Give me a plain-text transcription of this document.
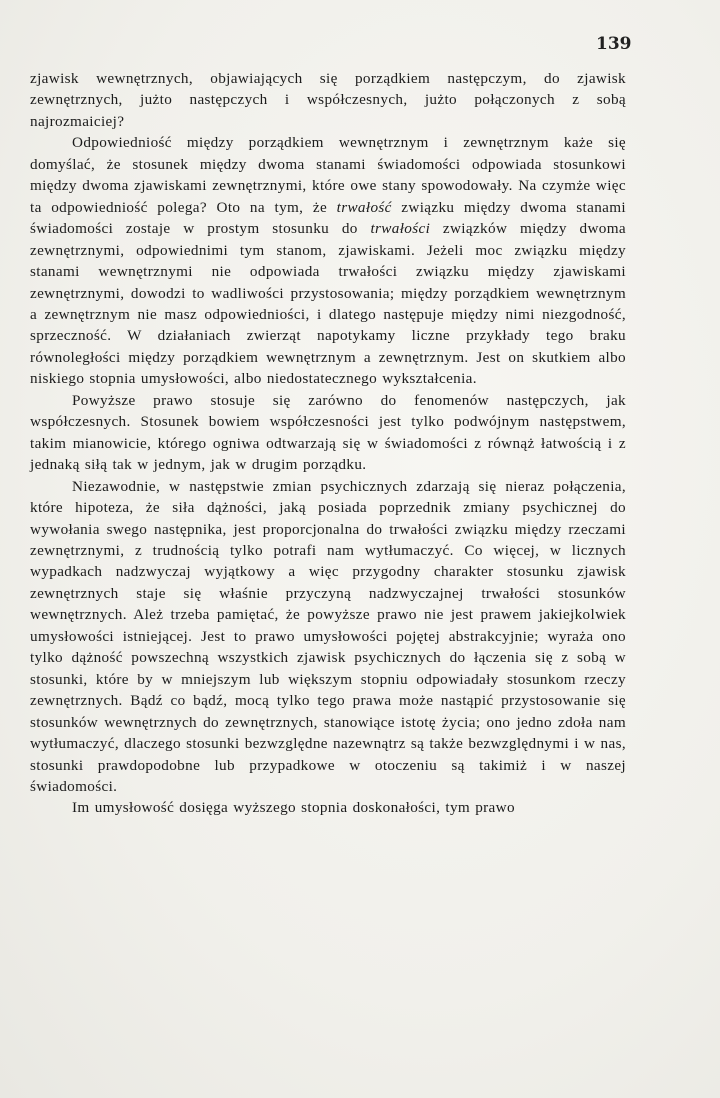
139

zjawisk wewnętrznych, objawiających się porządkiem następczym, do zjawisk zewnętrznych, jużto następczych i współczesnych, jużto połączonych z sobą najrozmaiciej?

Odpowiedniość między porządkiem wewnętrznym i zewnętrznym każe się domyślać, że stosunek między dwoma stanami świadomości odpowiada stosunkowi między dwoma zjawiskami zewnętrznymi, które owe stany spowodowały. Na czymże więc ta odpowiedniość polega? Oto na tym, że trwałość związku między dwoma stanami świadomości zostaje w prostym stosunku do trwałości związków między dwoma zewnętrznymi, odpowiednimi tym stanom, zjawiskami. Jeżeli moc związku między stanami wewnętrznymi nie odpowiada trwałości związku między zjawiskami zewnętrznymi, dowodzi to wadliwości przystosowania; między porządkiem wewnętrznym a zewnętrznym nie masz odpowiedniości, i dlatego następuje między nimi niezgodność, sprzeczność. W działaniach zwierząt napotykamy liczne przykłady tego braku równoległości między porządkiem wewnętrznym a zewnętrznym. Jest on skutkiem albo niskiego stopnia umysłowości, albo niedostatecznego wykształcenia.

Powyższe prawo stosuje się zarówno do fenomenów następczych, jak współczesnych. Stosunek bowiem współczesności jest tylko podwójnym następstwem, takim mianowicie, którego ogniwa odtwarzają się w świadomości z równąż łatwością i z jednaką siłą tak w jednym, jak w drugim porządku.

Niezawodnie, w następstwie zmian psychicznych zdarzają się nieraz połączenia, które hipoteza, że siła dążności, jaką posiada poprzednik zmiany psychicznej do wywołania swego następnika, jest proporcjonalna do trwałości związku między rzeczami zewnętrznymi, z trudnością tylko potrafi nam wytłumaczyć. Co więcej, w licznych wypadkach nadzwyczaj wyjątkowy a więc przygodny charakter stosunku zjawisk zewnętrznych staje się właśnie przyczyną nadzwyczajnej trwałości stosunków wewnętrznych. Ależ trzeba pamiętać, że powyższe prawo nie jest prawem jakiejkolwiek umysłowości istniejącej. Jest to prawo umysłowości pojętej abstrakcyjnie; wyraża ono tylko dążność powszechną wszystkich zjawisk psychicznych do łączenia się z sobą w stosunki, które by w mniejszym lub większym stopniu odpowiadały stosunkom rzeczy zewnętrznych. Bądź co bądź, mocą tylko tego prawa może nastąpić przystosowanie się stosunków wewnętrznych do zewnętrznych, stanowiące istotę życia; ono jedno zdoła nam wytłumaczyć, dlaczego stosunki bezwzględne nazewnątrz są także bezwzględnymi i w nas, stosunki prawdopodobne lub przypadkowe w otoczeniu są takimiż i w naszej świadomości.

Im umysłowość dosięga wyższego stopnia doskonałości, tym prawo
